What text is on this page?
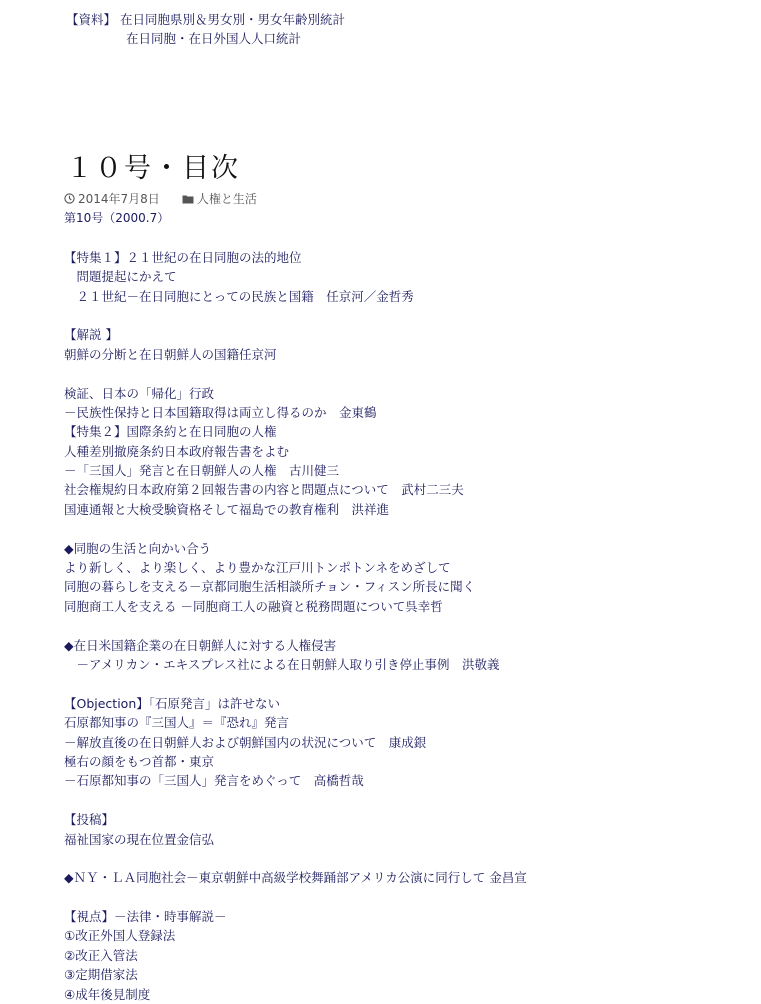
【資料】 在日同胞県別＆男女別・男女年齢別統計
在日同胞・在日外国人人口統計
１０号・目次
2014年7月8日	人権と生活
第10号（2000.7）
【特集１】２１世紀の在日同胞の法的地位
　問題提起にかえて
　２１世紀－在日同胞にとっての民族と国籍　任京河／金哲秀
【解説 】
朝鮮の分断と在日朝鮮人の国籍任京河
検証、日本の「帰化」行政
－民族性保持と日本国籍取得は両立し得るのか　金東鶴
【特集２】国際条約と在日同胞の人権
人種差別撤廃条約日本政府報告書をよむ
－「三国人」発言と在日朝鮮人の人権　古川健三
社会権規約日本政府第２回報告書の内容と問題点について　武村二三夫
国連通報と大検受験資格そして福島での教育権利　洪祥進
◆同胞の生活と向かい合う
より新しく、より楽しく、より豊かな江戸川トンポトンネをめざして
同胞の暮らしを支える－京都同胞生活相談所チョン・フィスン所長に聞く
同胞商工人を支える －同胞商工人の融資と税務問題について呉幸哲
◆在日米国籍企業の在日朝鮮人に対する人権侵害
　－アメリカン・エキスプレス社による在日朝鮮人取り引き停止事例　洪敬義
【Objection】「石原発言」は許せない
石原都知事の『三国人』＝『恐れ』発言
－解放直後の在日朝鮮人および朝鮮国内の状況について　康成銀
極右の顔をもつ首都・東京
－石原都知事の「三国人」発言をめぐって　高橋哲哉
【投稿】
福祉国家の現在位置金信弘
◆ＮＹ・ＬＡ同胞社会－東京朝鮮中高級学校舞踊部アメリカ公演に同行して 金昌宣
【視点】－法律・時事解説－
①改正外国人登録法
②改正入管法
③定期借家法
④成年後見制度
